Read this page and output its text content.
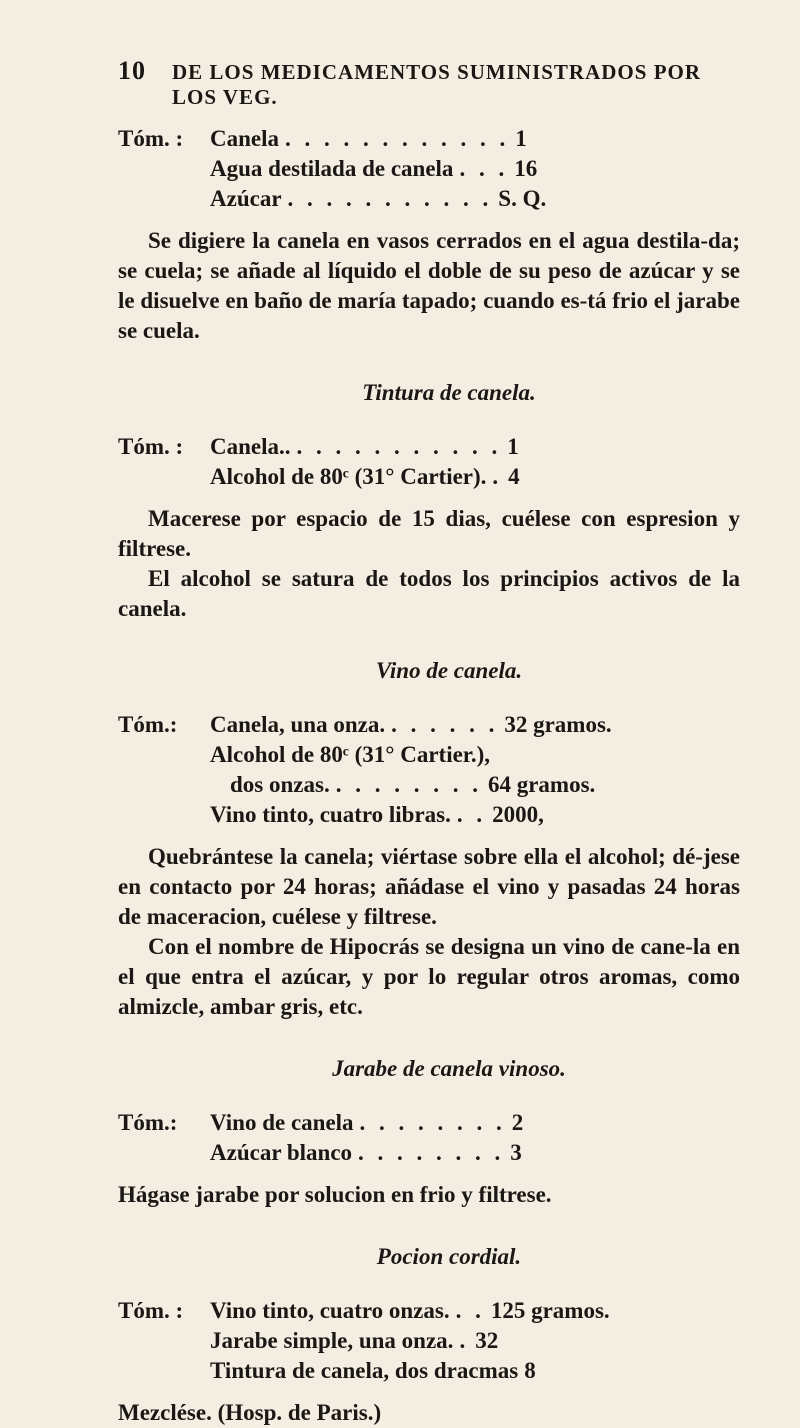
10 DE LOS MEDICAMENTOS SUMINISTRADOS POR LOS VEG.
Tóm. :	Canela . . . . . . . . . . . . 1
Agua destilada de canela . . . 16
Azúcar . . . . . . . . . . . S. Q.

Se digiere la canela en vasos cerrados en el agua destila-da; se cuela; se añade al líquido el doble de su peso de azúcar y se le disuelve en baño de maría tapado; cuando es-tá frio el jarabe se cuela.

Tintura de canela.

Tóm. :	Canela.. . . . . . . . . . . . 1
Alcohol de 80ᶜ (31° Cartier). . 4

Macerese por espacio de 15 dias, cuélese con espresion y filtrese.

El alcohol se satura de todos los principios activos de la canela.

Vino de canela.

Tóm.:	Canela, una onza. . . . . . . 32 gramos.
Alcohol de 80ᶜ (31° Cartier.),
dos onzas. . . . . . . . . 64 gramos.
Vino tinto, cuatro libras. . . 2000,

Quebrántese la canela; viértase sobre ella el alcohol; dé-jese en contacto por 24 horas; añádase el vino y pasadas 24 horas de maceracion, cuélese y filtrese.

Con el nombre de Hipocrás se designa un vino de cane-la en el que entra el azúcar, y por lo regular otros aromas, como almizcle, ambar gris, etc.

Jarabe de canela vinoso.

Tóm.:	Vino de canela . . . . . . . . 2
Azúcar blanco . . . . . . . . 3

Hágase jarabe por solucion en frio y filtrese.

Pocion cordial.

Tóm. :	Vino tinto, cuatro onzas. . . 125 gramos.
Jarabe simple, una onza. . 32
Tintura de canela, dos dracmas 8

Mezclése. (Hosp. de Paris.)
